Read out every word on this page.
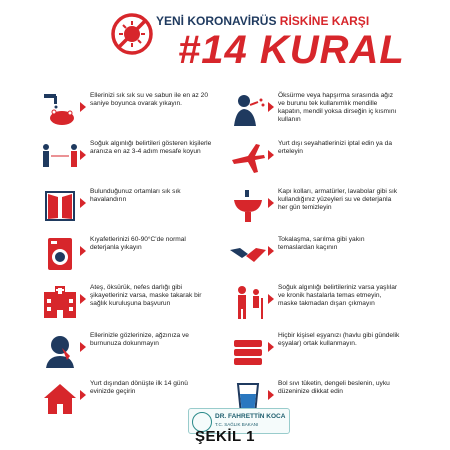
YENİ KORONAVİRÜS RİSKİNE KARŞI
#14 KURAL
Ellerinizi sık sık su ve sabun ile en az 20 saniye boyunca ovarak yıkayın.
Öksürme veya hapşırma sırasında ağız ve burunu tek kullanımlık mendille kapatın, mendil yoksa dirseğin iç kısmını kullanın
Soğuk algınlığı belirtileri gösteren kişilerle aranıza en az 3-4 adım mesafe koyun
Yurt dışı seyahatlerinizi iptal edin ya da erteleyin
Bulunduğunuz ortamları sık sık havalandırın
Kapı kolları, armatürler, lavabolar gibi sık kullandığınız yüzeyleri su ve deterjanla her gün temizleyin
Kıyafetlerinizi 60-90°C'de normal deterjanla yıkayın
Tokalaşma, sarılma gibi yakın temaslardan kaçının
Ateş, öksürük, nefes darlığı gibi şikayetleriniz varsa, maske takarak bir sağlık kuruluşuna başvurun
Soğuk algınlığı belirtileriniz varsa yaşlılar ve kronik hastalarla temas etmeyin, maske takmadan dışarı çıkmayın
Ellerinizle gözlerinize, ağzınıza ve burnunuza dokunmayın
Hiçbir kişisel eşyanızı (havlu gibi gündelik eşyalar) ortak kullanmayın.
Yurt dışından dönüşte ilk 14 günü evinizde geçirin
Bol sıvı tüketin, dengeli beslenin, uyku düzeninize dikkat edin
DR. FAHRETTİN KOCA
T.C. SAĞLIK BAKANI
ŞEKİL 1
